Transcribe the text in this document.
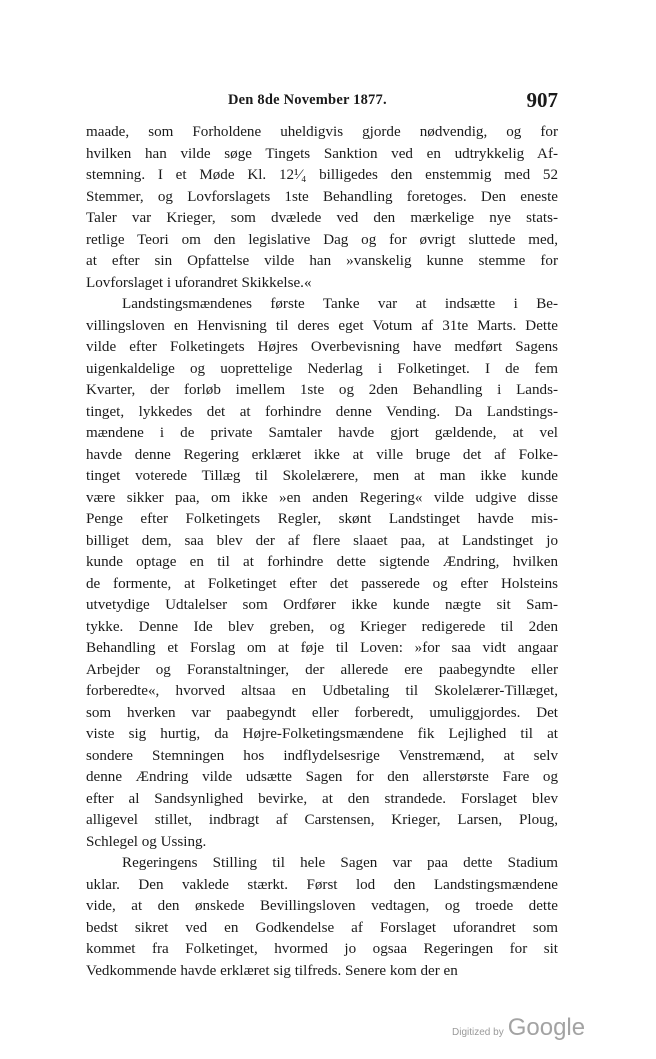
Den 8de November 1877.	907
maade, som Forholdene uheldigvis gjorde nødvendig, og for
hvilken han vilde søge Tingets Sanktion ved en udtrykkelig Af-
stemning. I et Møde Kl. 12¹⁄₄ billigedes den enstemmig med 52
Stemmer, og Lovforslagets 1ste Behandling foretoges. Den eneste
Taler var Krieger, som dvælede ved den mærkelige nye stats-
retlige Teori om den legislative Dag og for øvrigt sluttede med,
at efter sin Opfattelse vilde han »vanskelig kunne stemme for
Lovforslaget i uforandret Skikkelse.«
Landstingsmændenes første Tanke var at indsætte i Be-
villingsloven en Henvisning til deres eget Votum af 31te Marts. Dette
vilde efter Folketingets Højres Overbevisning have medført Sagens
uigenkaldelige og uoprettelige Nederlag i Folketinget. I de fem
Kvarter, der forløb imellem 1ste og 2den Behandling i Lands-
tinget, lykkedes det at forhindre denne Vending. Da Landstings-
mændene i de private Samtaler havde gjort gældende, at vel
havde denne Regering erklæret ikke at ville bruge det af Folke-
tinget voterede Tillæg til Skolelærere, men at man ikke kunde
være sikker paa, om ikke »en anden Regering« vilde udgive disse
Penge efter Folketingets Regler, skønt Landstinget havde mis-
billiget dem, saa blev der af flere slaaet paa, at Landstinget jo
kunde optage en til at forhindre dette sigtende Ændring, hvilken
de formente, at Folketinget efter det passerede og efter Holsteins
utvetydige Udtalelser som Ordfører ikke kunde nægte sit Sam-
tykke. Denne Ide blev greben, og Krieger redigerede til 2den
Behandling et Forslag om at føje til Loven: »for saa vidt angaar
Arbejder og Foranstaltninger, der allerede ere paabegyndte eller
forberedte«, hvorved altsaa en Udbetaling til Skolelærer-Tillæget,
som hverken var paabegyndt eller forberedt, umuliggjordes. Det
viste sig hurtig, da Højre-Folketingsmændene fik Lejlighed til at
sondere Stemningen hos indflydelsesrige Venstremænd, at selv
denne Ændring vilde udsætte Sagen for den allerstørste Fare og
efter al Sandsynlighed bevirke, at den strandede. Forslaget blev
alligevel stillet, indbragt af Carstensen, Krieger, Larsen, Ploug,
Schlegel og Ussing.
Regeringens Stilling til hele Sagen var paa dette Stadium
uklar. Den vaklede stærkt. Først lod den Landstingsmændene
vide, at den ønskede Bevillingsloven vedtagen, og troede dette
bedst sikret ved en Godkendelse af Forslaget uforandret som
kommet fra Folketinget, hvormed jo ogsaa Regeringen for sit
Vedkommende havde erklæret sig tilfreds. Senere kom der en
Digitized by Google
